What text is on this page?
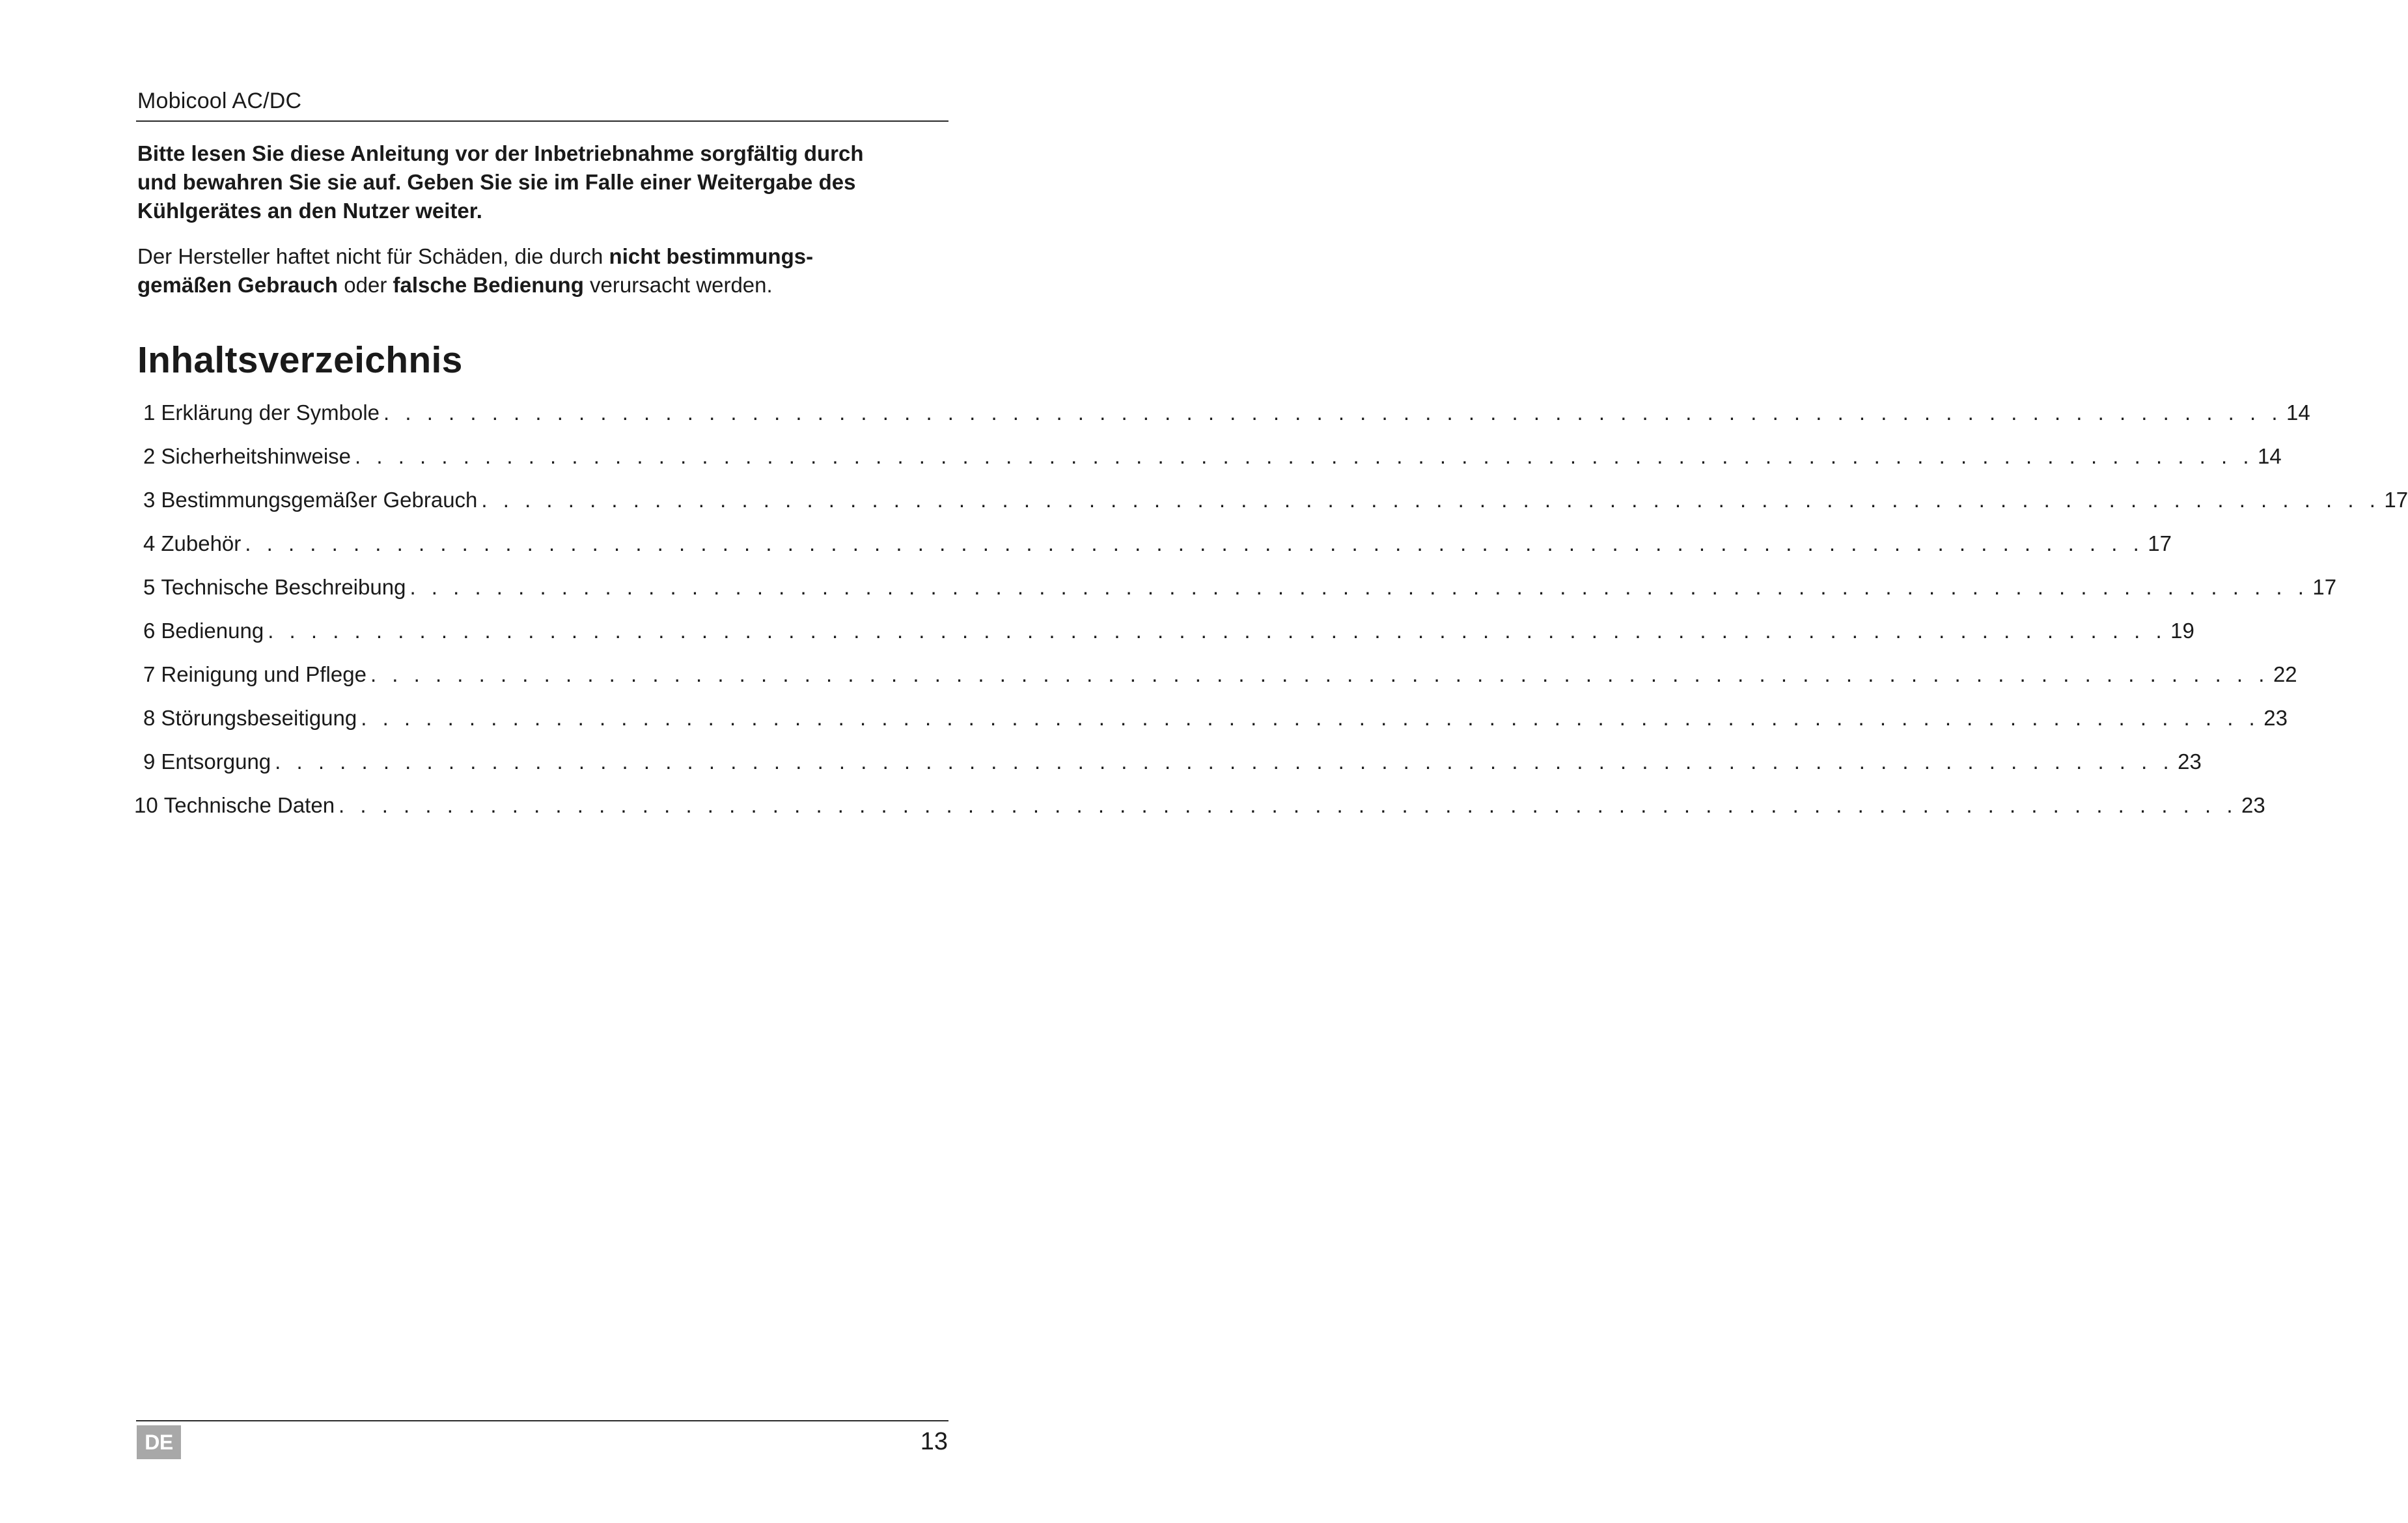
Mobicool AC/DC
Bitte lesen Sie diese Anleitung vor der Inbetriebnahme sorgfältig durch
und bewahren Sie sie auf. Geben Sie sie im Falle einer Weitergabe des
Kühlgerätes an den Nutzer weiter.
Der Hersteller haftet nicht für Schäden, die durch nicht bestimmungs-
gemäßen Gebrauch oder falsche Bedienung verursacht werden.
Inhaltsverzeichnis
1 Erklärung der Symbole . . . . . . . . . . . . . . . . . . . . . . . . . . . . . . . . . . . . . . . . . . . . . . . . . . . . . . . . . . . . . . . . . . . . . . . . . . . . . . . . . . . . . . . . 14
2 Sicherheitshinweise . . . . . . . . . . . . . . . . . . . . . . . . . . . . . . . . . . . . . . . . . . . . . . . . . . . . . . . . . . . . . . . . . . . . . . . . . . . . . . . . . . . . . . . . 14
3 Bestimmungsgemäßer Gebrauch . . . . . . . . . . . . . . . . . . . . . . . . . . . . . . . . . . . . . . . . . . . . . . . . . . . . . . . . . . . . . . . . . . . . . . . . . . . . . . . . . . . . . . . . 17
4 Zubehör . . . . . . . . . . . . . . . . . . . . . . . . . . . . . . . . . . . . . . . . . . . . . . . . . . . . . . . . . . . . . . . . . . . . . . . . . . . . . . . . . . . . . . . . 17
5 Technische Beschreibung . . . . . . . . . . . . . . . . . . . . . . . . . . . . . . . . . . . . . . . . . . . . . . . . . . . . . . . . . . . . . . . . . . . . . . . . . . . . . . . . . . . . . . . . 17
6 Bedienung . . . . . . . . . . . . . . . . . . . . . . . . . . . . . . . . . . . . . . . . . . . . . . . . . . . . . . . . . . . . . . . . . . . . . . . . . . . . . . . . . . . . . . . . 19
7 Reinigung und Pflege . . . . . . . . . . . . . . . . . . . . . . . . . . . . . . . . . . . . . . . . . . . . . . . . . . . . . . . . . . . . . . . . . . . . . . . . . . . . . . . . . . . . . . . . 22
8 Störungsbeseitigung . . . . . . . . . . . . . . . . . . . . . . . . . . . . . . . . . . . . . . . . . . . . . . . . . . . . . . . . . . . . . . . . . . . . . . . . . . . . . . . . . . . . . . . . 23
9 Entsorgung . . . . . . . . . . . . . . . . . . . . . . . . . . . . . . . . . . . . . . . . . . . . . . . . . . . . . . . . . . . . . . . . . . . . . . . . . . . . . . . . . . . . . . . . 23
10 Technische Daten . . . . . . . . . . . . . . . . . . . . . . . . . . . . . . . . . . . . . . . . . . . . . . . . . . . . . . . . . . . . . . . . . . . . . . . . . . . . . . . . . . . . . . . . 23
DE	13
